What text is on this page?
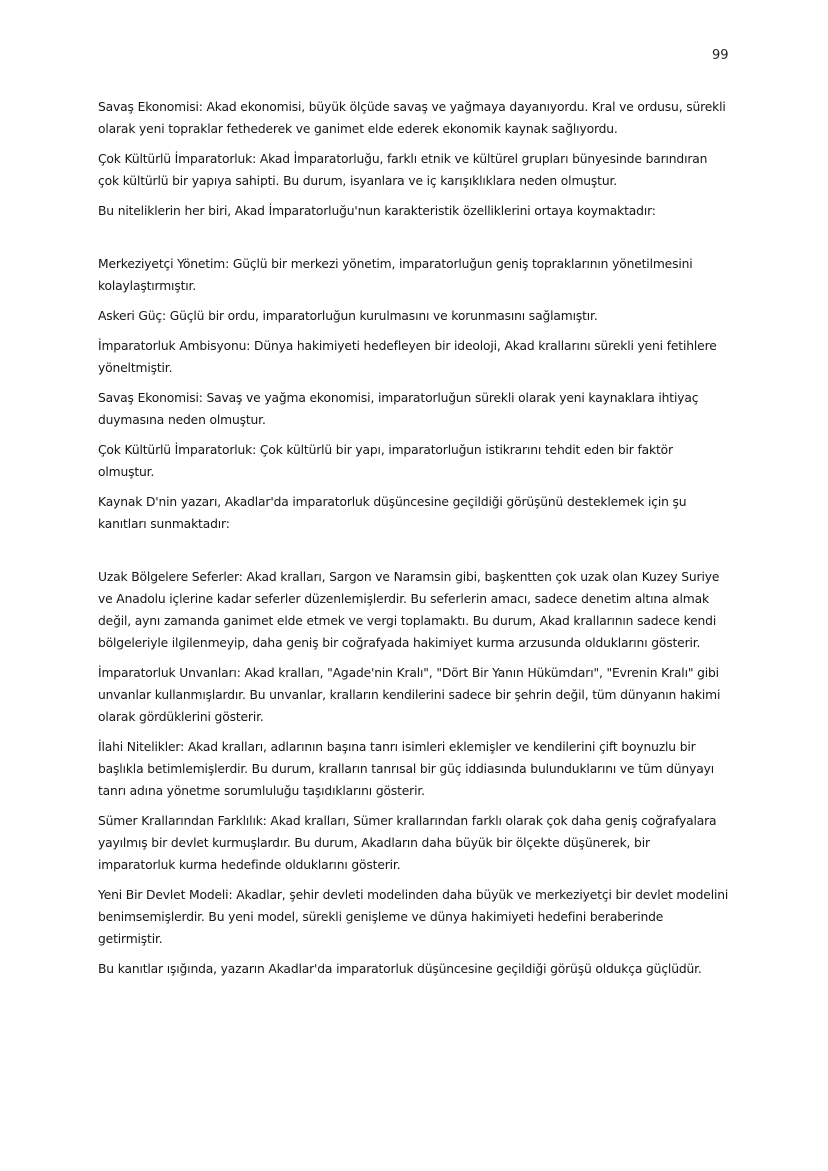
99

Savaş Ekonomisi: Akad ekonomisi, büyük ölçüde savaş ve yağmaya dayanıyordu. Kral ve ordusu, sürekli olarak yeni topraklar fethederek ve ganimet elde ederek ekonomik kaynak sağlıyordu.

Çok Kültürlü İmparatorluk: Akad İmparatorluğu, farklı etnik ve kültürel grupları bünyesinde barındıran çok kültürlü bir yapıya sahipti. Bu durum, isyanlara ve iç karışıklıklara neden olmuştur.

Bu niteliklerin her biri, Akad İmparatorluğu'nun karakteristik özelliklerini ortaya koymaktadır:

Merkeziyetçi Yönetim: Güçlü bir merkezi yönetim, imparatorluğun geniş topraklarının yönetilmesini kolaylaştırmıştır.

Askeri Güç: Güçlü bir ordu, imparatorluğun kurulmasını ve korunmasını sağlamıştır.

İmparatorluk Ambisyonu: Dünya hakimiyeti hedefleyen bir ideoloji, Akad krallarını sürekli yeni fetihlere yöneltmiştir.

Savaş Ekonomisi: Savaş ve yağma ekonomisi, imparatorluğun sürekli olarak yeni kaynaklara ihtiyaç duymasına neden olmuştur.

Çok Kültürlü İmparatorluk: Çok kültürlü bir yapı, imparatorluğun istikrarını tehdit eden bir faktör olmuştur.

Kaynak D'nin yazarı, Akadlar'da imparatorluk düşüncesine geçildiği görüşünü desteklemek için şu kanıtları sunmaktadır:

Uzak Bölgelere Seferler: Akad kralları, Sargon ve Naramsin gibi, başkentten çok uzak olan Kuzey Suriye ve Anadolu içlerine kadar seferler düzenlemişlerdir. Bu seferlerin amacı, sadece denetim altına almak değil, aynı zamanda ganimet elde etmek ve vergi toplamaktı. Bu durum, Akad krallarının sadece kendi bölgeleriyle ilgilenmeyip, daha geniş bir coğrafyada hakimiyet kurma arzusunda olduklarını gösterir.

İmparatorluk Unvanları: Akad kralları, "Agade'nin Kralı", "Dört Bir Yanın Hükümdarı", "Evrenin Kralı" gibi unvanlar kullanmışlardır. Bu unvanlar, kralların kendilerini sadece bir şehrin değil, tüm dünyanın hakimi olarak gördüklerini gösterir.

İlahi Nitelikler: Akad kralları, adlarının başına tanrı isimleri eklemişler ve kendilerini çift boynuzlu bir başlıkla betimlemişlerdir. Bu durum, kralların tanrısal bir güç iddiasında bulunduklarını ve tüm dünyayı tanrı adına yönetme sorumluluğu taşıdıklarını gösterir.

Sümer Krallarından Farklılık: Akad kralları, Sümer krallarından farklı olarak çok daha geniş coğrafyalara yayılmış bir devlet kurmuşlardır. Bu durum, Akadların daha büyük bir ölçekte düşünerek, bir imparatorluk kurma hedefinde olduklarını gösterir.

Yeni Bir Devlet Modeli: Akadlar, şehir devleti modelinden daha büyük ve merkeziyetçi bir devlet modelini benimsemişlerdir. Bu yeni model, sürekli genişleme ve dünya hakimiyeti hedefini beraberinde getirmiştir.

Bu kanıtlar ışığında, yazarın Akadlar'da imparatorluk düşüncesine geçildiği görüşü oldukça güçlüdür.
